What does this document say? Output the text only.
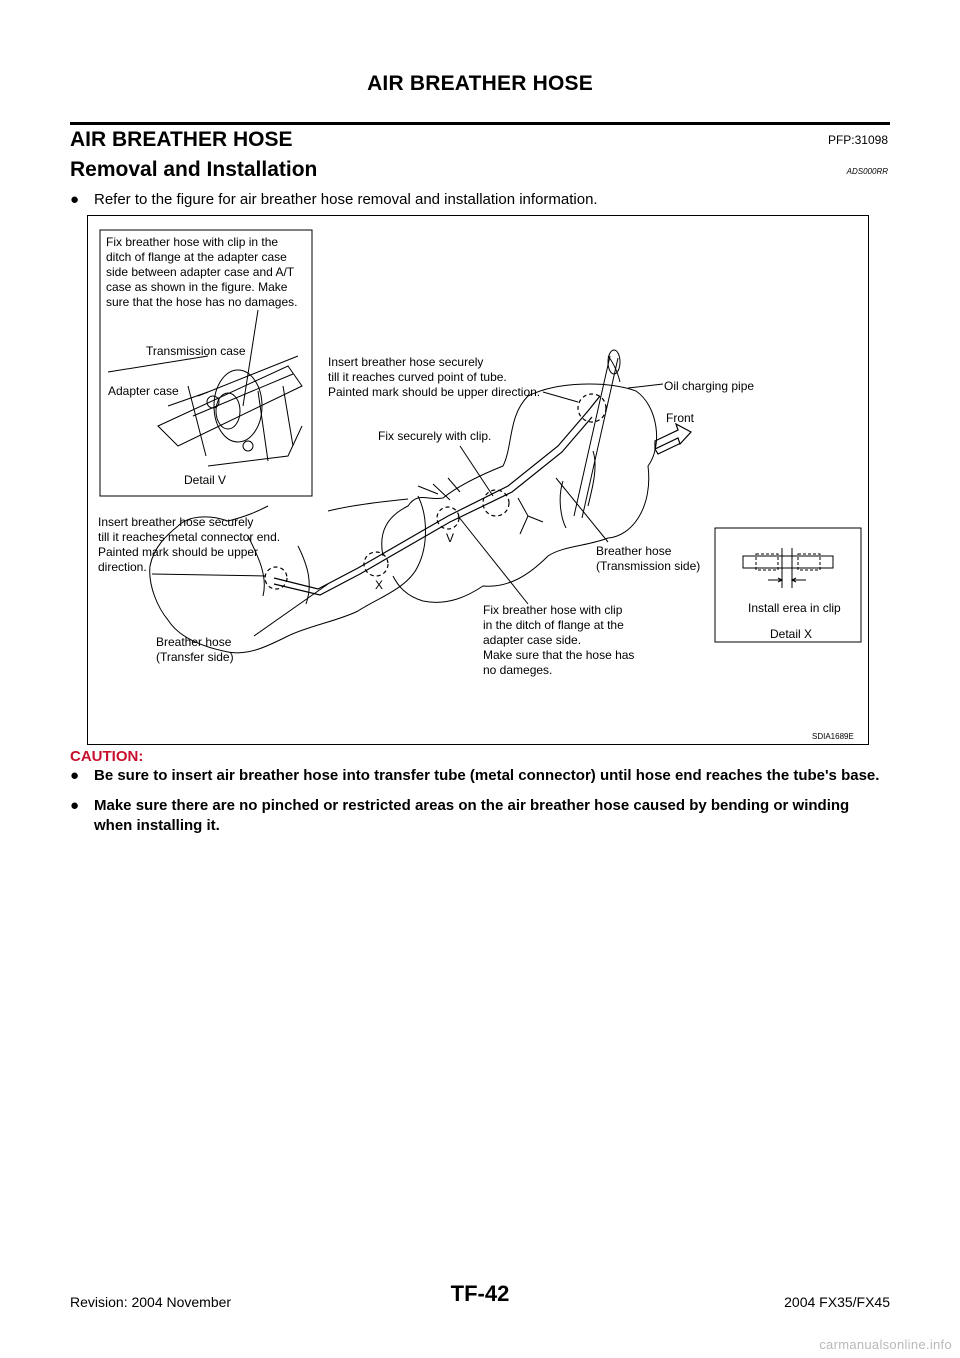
AIR BREATHER HOSE
AIR BREATHER HOSE	PFP:31098
Removal and Installation	ADS000RR
● Refer to the figure for air breather hose removal and installation information.
Fix breather hose with clip in the
ditch of flange at the adapter case
side between adapter case and A/T
case as shown in the figure. Make
sure that the hose has no damages.
Transmission case
Adapter case
Detail V
Oil charging pipe
Front
Insert breather hose securely
till it reaches curved point of tube.
Painted mark should be upper direction.
Fix securely with clip.
Insert breather hose securely
till it reaches metal connector end.
Painted mark should be upper
direction.
V
X
Breather hose
(Transmission side)
Breather hose
(Transfer side)
Fix breather hose with clip
in the ditch of flange at the
adapter case side.
Make sure that the hose has
no dameges.
Install erea in clip
Detail X
SDIA1689E
CAUTION:
● Be sure to insert air breather hose into transfer tube (metal connector) until hose end reaches the tube's base.
● Make sure there are no pinched or restricted areas on the air breather hose caused by bending or winding when installing it.
TF-42
Revision: 2004 November	2004 FX35/FX45
carmanualsonline.info
